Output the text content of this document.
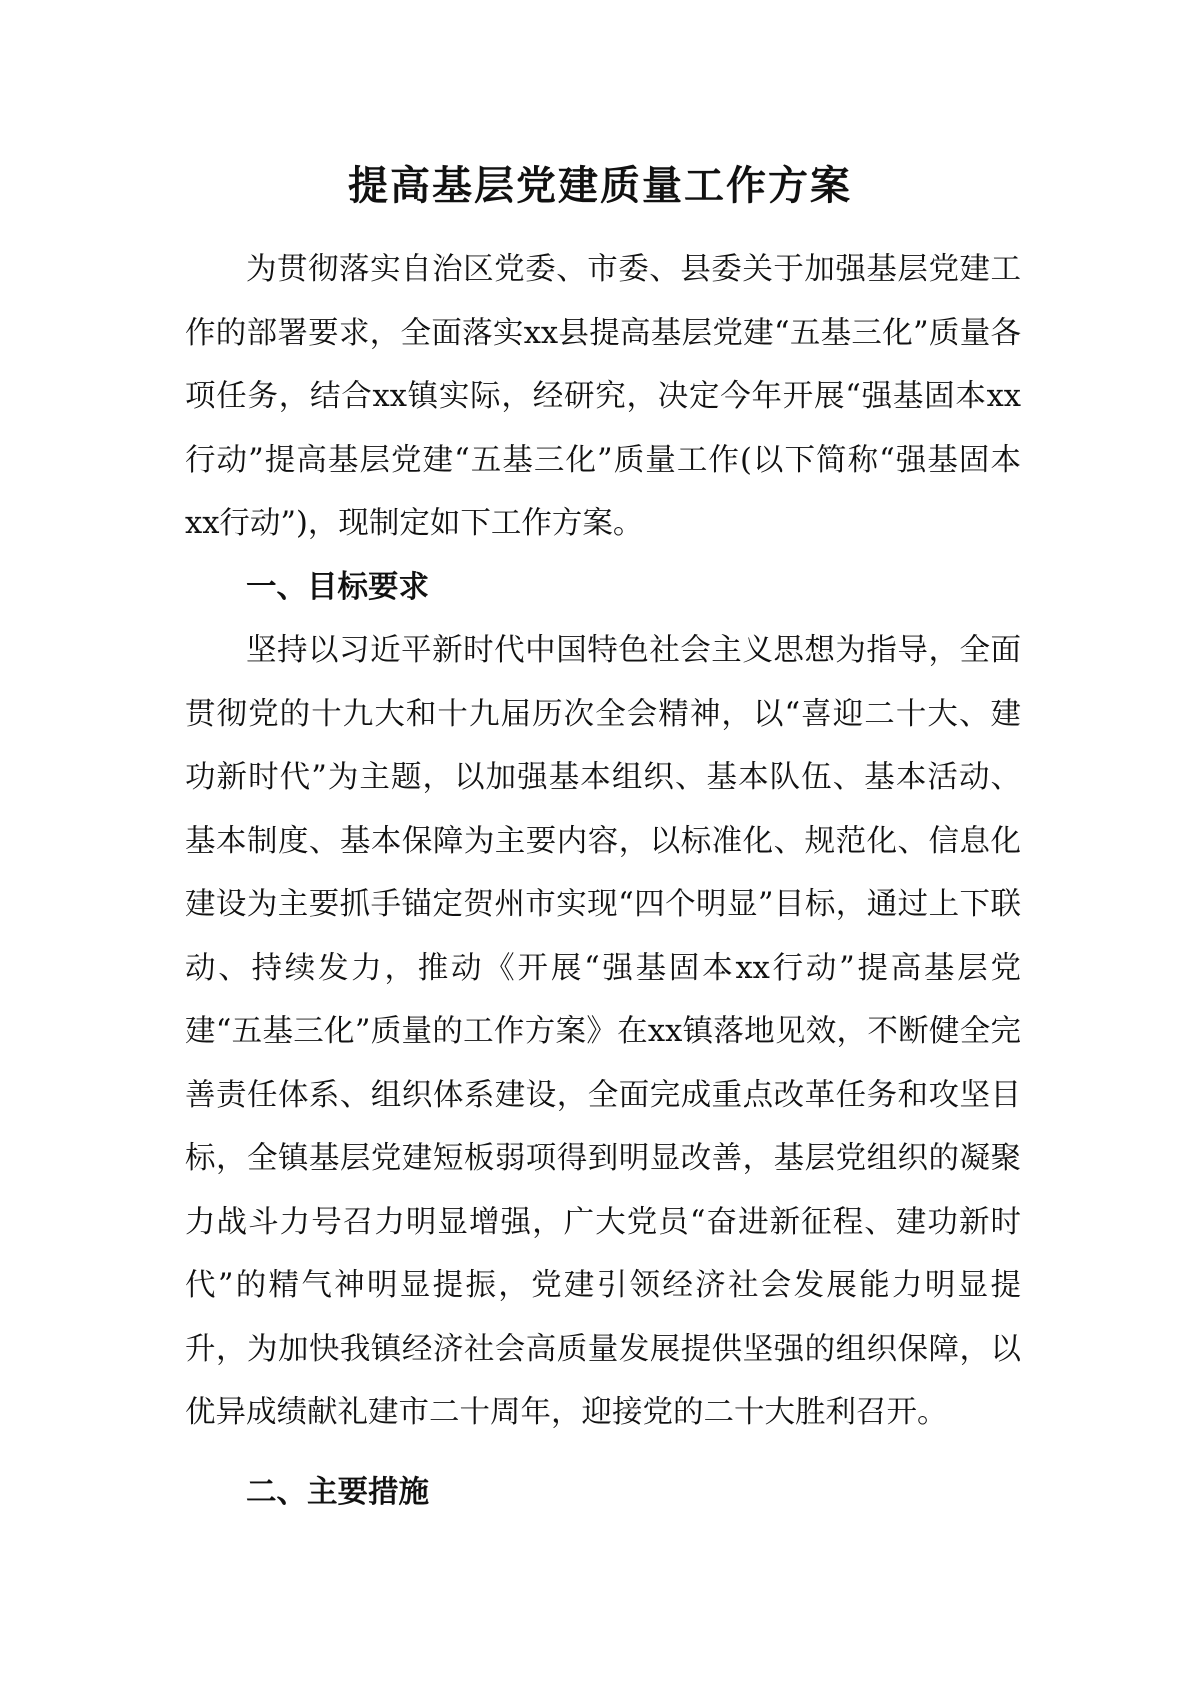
提高基层党建质量工作方案

为贯彻落实自治区党委、市委、县委关于加强基层党建工作的部署要求，全面落实xx县提高基层党建“五基三化”质量各项任务，结合xx镇实际，经研究，决定今年开展“强基固本xx行动”提高基层党建“五基三化”质量工作(以下简称“强基固本xx行动”)，现制定如下工作方案。

一、目标要求

坚持以习近平新时代中国特色社会主义思想为指导，全面贯彻党的十九大和十九届历次全会精神，以“喜迎二十大、建功新时代”为主题，以加强基本组织、基本队伍、基本活动、基本制度、基本保障为主要内容，以标准化、规范化、信息化建设为主要抓手锚定贺州市实现“四个明显”目标，通过上下联动、持续发力，推动《开展“强基固本xx行动”提高基层党建“五基三化”质量的工作方案》在xx镇落地见效，不断健全完善责任体系、组织体系建设，全面完成重点改革任务和攻坚目标，全镇基层党建短板弱项得到明显改善，基层党组织的凝聚力战斗力号召力明显增强，广大党员“奋进新征程、建功新时代”的精气神明显提振，党建引领经济社会发展能力明显提升，为加快我镇经济社会高质量发展提供坚强的组织保障，以优异成绩献礼建市二十周年，迎接党的二十大胜利召开。

二、主要措施
